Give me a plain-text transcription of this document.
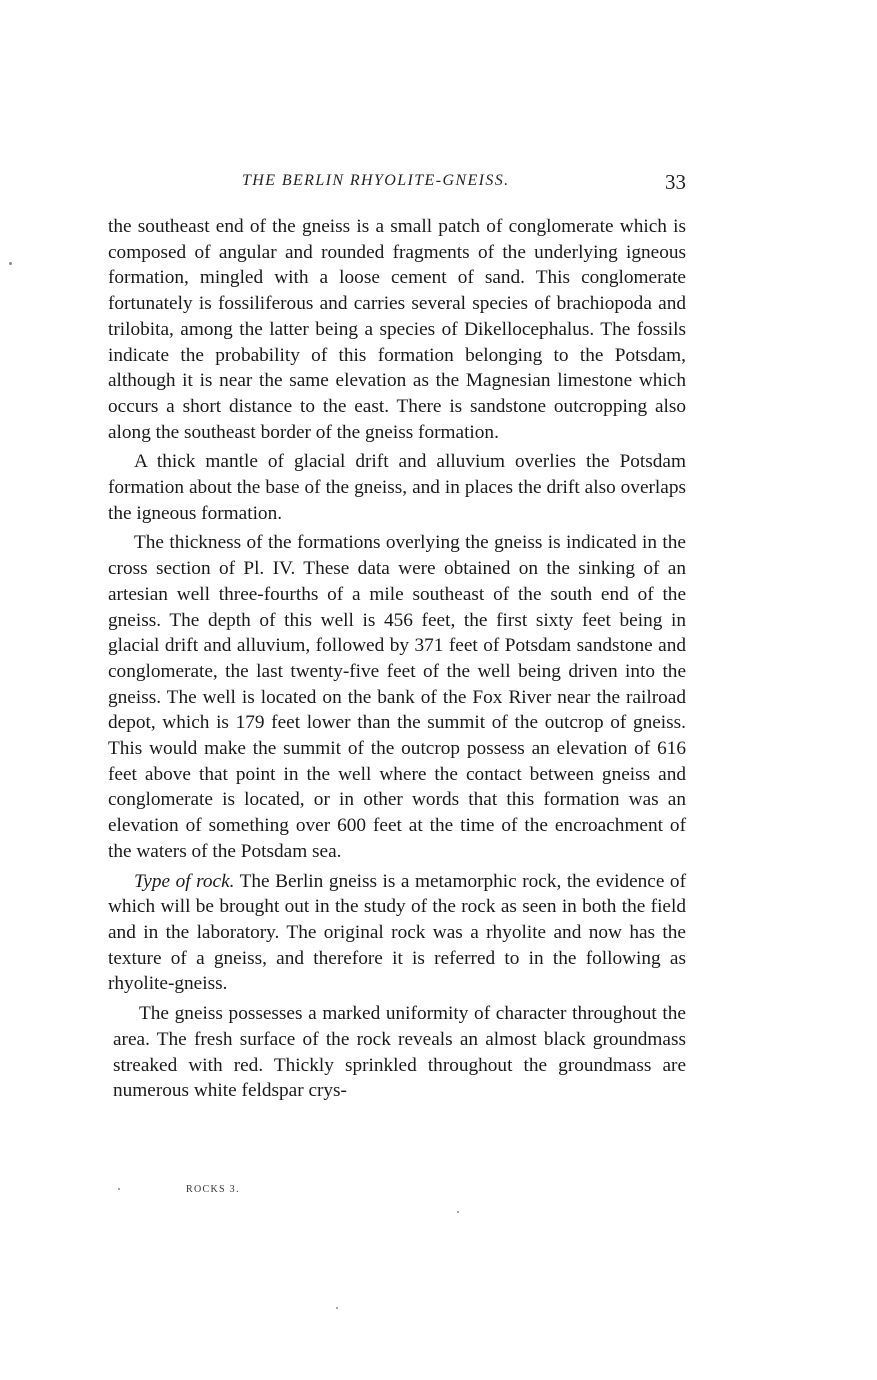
THE BERLIN RHYOLITE-GNEISS.	33

the southeast end of the gneiss is a small patch of conglomerate which is composed of angular and rounded fragments of the underlying igneous formation, mingled with a loose cement of sand. This conglomerate fortunately is fossiliferous and carries several species of brachiopoda and trilobita, among the latter being a species of Dikellocephalus. The fossils indicate the probability of this formation belonging to the Potsdam, although it is near the same elevation as the Magnesian limestone which occurs a short distance to the east. There is sandstone outcropping also along the southeast border of the gneiss formation.

A thick mantle of glacial drift and alluvium overlies the Potsdam formation about the base of the gneiss, and in places the drift also overlaps the igneous formation.

The thickness of the formations overlying the gneiss is indicated in the cross section of Pl. IV. These data were obtained on the sinking of an artesian well three-fourths of a mile southeast of the south end of the gneiss. The depth of this well is 456 feet, the first sixty feet being in glacial drift and alluvium, followed by 371 feet of Potsdam sandstone and conglomerate, the last twenty-five feet of the well being driven into the gneiss. The well is located on the bank of the Fox River near the railroad depot, which is 179 feet lower than the summit of the outcrop of gneiss. This would make the summit of the outcrop possess an elevation of 616 feet above that point in the well where the contact between gneiss and conglomerate is located, or in other words that this formation was an elevation of something over 600 feet at the time of the encroachment of the waters of the Potsdam sea.

Type of rock. The Berlin gneiss is a metamorphic rock, the evidence of which will be brought out in the study of the rock as seen in both the field and in the laboratory. The original rock was a rhyolite and now has the texture of a gneiss, and therefore it is referred to in the following as rhyolite-gneiss.

The gneiss possesses a marked uniformity of character throughout the area. The fresh surface of the rock reveals an almost black groundmass streaked with red. Thickly sprinkled throughout the groundmass are numerous white feldspar crys-

ROCKS 3.
